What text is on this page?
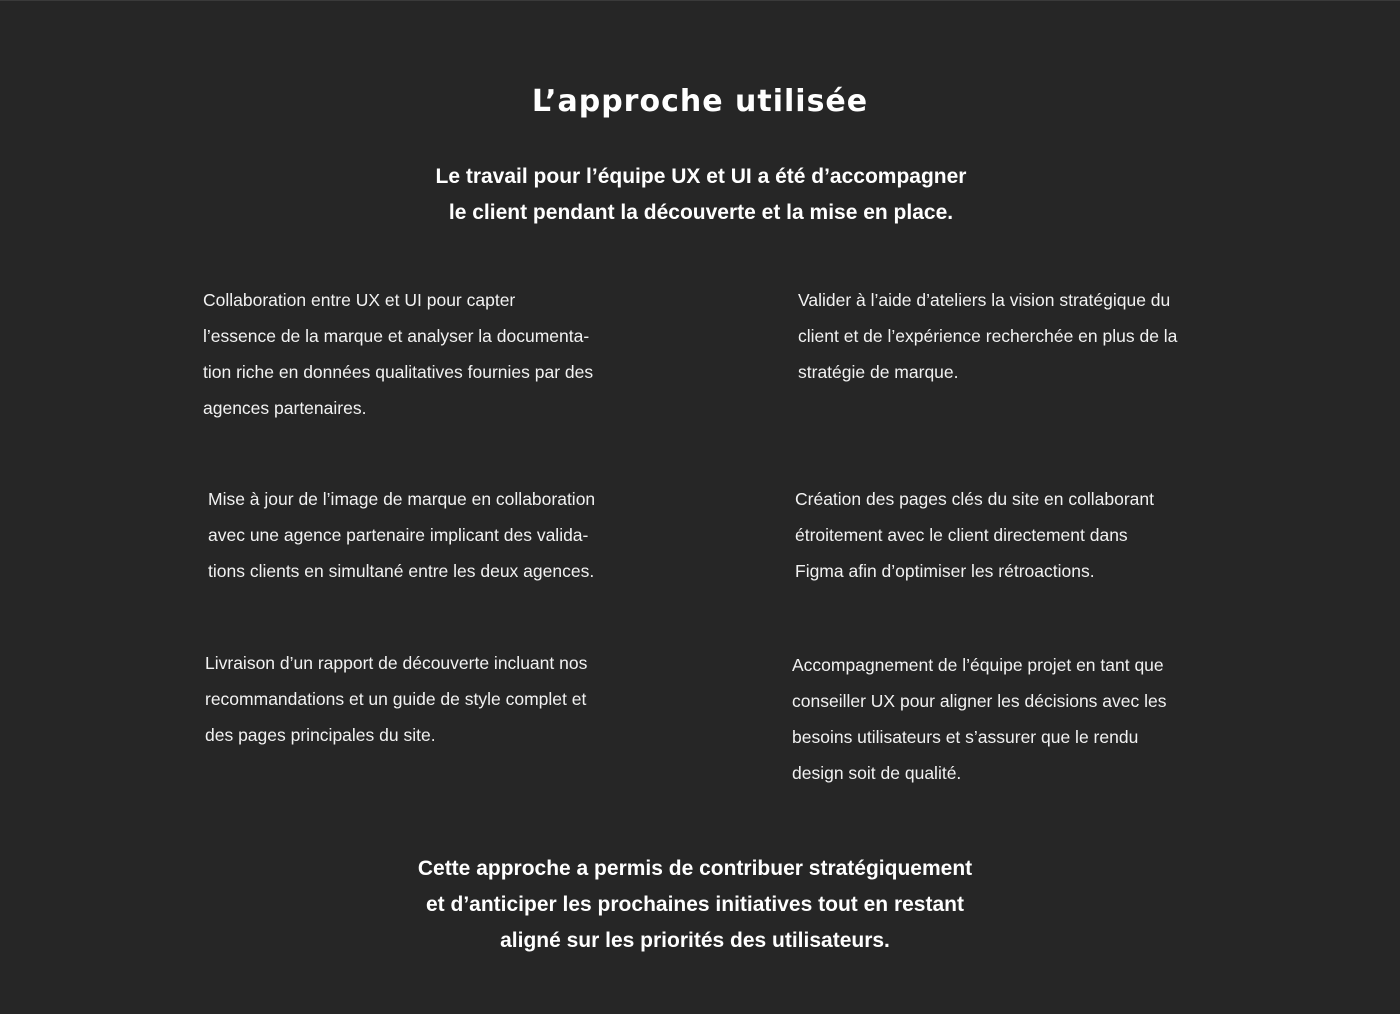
L’approche utilisée
Le travail pour l’équipe UX et UI a été d’accompagner
le client pendant la découverte et la mise en place.
Collaboration entre UX et UI pour capter
l’essence de la marque et analyser la documenta-
tion riche en données qualitatives fournies par des
agences partenaires.
Valider à l’aide d’ateliers la vision stratégique du
client et de l’expérience recherchée en plus de la
stratégie de marque.
Mise à jour de l’image de marque en collaboration
avec une agence partenaire implicant des valida-
tions clients en simultané entre les deux agences.
Création des pages clés du site en collaborant
étroitement avec le client directement dans
Figma afin d’optimiser les rétroactions.
Livraison d’un rapport de découverte incluant nos
recommandations et un guide de style complet et
des pages principales du site.
Accompagnement de l’équipe projet en tant que
conseiller UX pour aligner les décisions avec les
besoins utilisateurs et s’assurer que le rendu
design soit de qualité.
Cette approche a permis de contribuer stratégiquement
et d’anticiper les prochaines initiatives tout en restant
aligné sur les priorités des utilisateurs.
